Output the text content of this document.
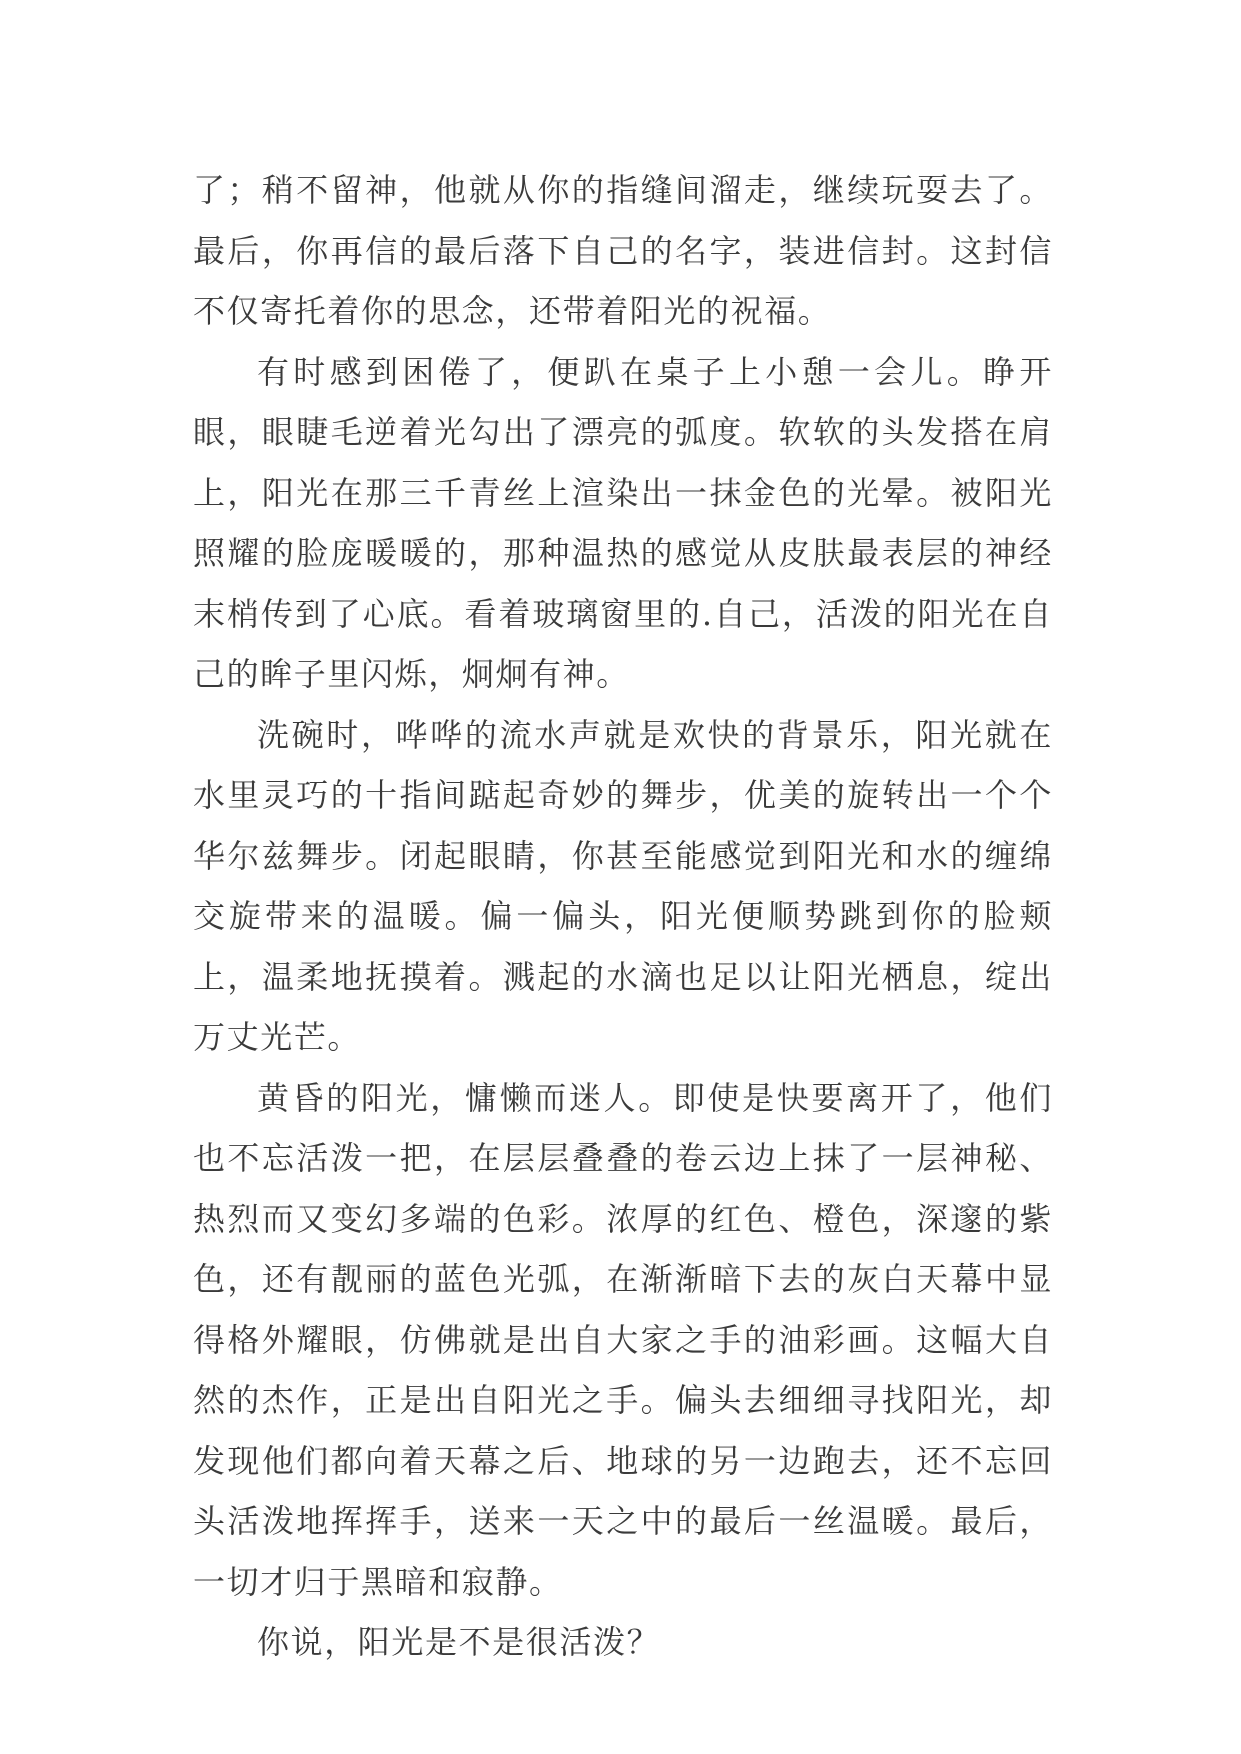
了；稍不留神，他就从你的指缝间溜走，继续玩耍去了。最后，你再信的最后落下自己的名字，装进信封。这封信不仅寄托着你的思念，还带着阳光的祝福。

有时感到困倦了，便趴在桌子上小憩一会儿。睁开眼，眼睫毛逆着光勾出了漂亮的弧度。软软的头发搭在肩上，阳光在那三千青丝上渲染出一抹金色的光晕。被阳光照耀的脸庞暖暖的，那种温热的感觉从皮肤最表层的神经末梢传到了心底。看着玻璃窗里的.自己，活泼的阳光在自己的眸子里闪烁，炯炯有神。

洗碗时，哗哗的流水声就是欢快的背景乐，阳光就在水里灵巧的十指间踮起奇妙的舞步，优美的旋转出一个个华尔兹舞步。闭起眼睛，你甚至能感觉到阳光和水的缠绵交旋带来的温暖。偏一偏头，阳光便顺势跳到你的脸颊上，温柔地抚摸着。溅起的水滴也足以让阳光栖息，绽出万丈光芒。

黄昏的阳光，慵懒而迷人。即使是快要离开了，他们也不忘活泼一把，在层层叠叠的卷云边上抹了一层神秘、热烈而又变幻多端的色彩。浓厚的红色、橙色，深邃的紫色，还有靓丽的蓝色光弧，在渐渐暗下去的灰白天幕中显得格外耀眼，仿佛就是出自大家之手的油彩画。这幅大自然的杰作，正是出自阳光之手。偏头去细细寻找阳光，却发现他们都向着天幕之后、地球的另一边跑去，还不忘回头活泼地挥挥手，送来一天之中的最后一丝温暖。最后，一切才归于黑暗和寂静。

你说，阳光是不是很活泼？
